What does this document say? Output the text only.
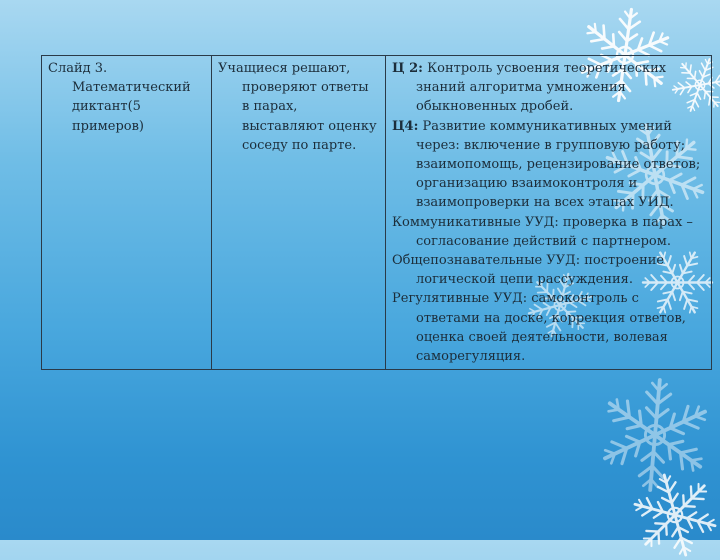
Слайд 3. Математический диктант(5 примеров)

Учащиеся решают, проверяют ответы в парах, выставляют оценку соседу по парте.

Ц 2: Контроль усвоения теоретических знаний алгоритма умножения обыкновенных дробей.
Ц4: Развитие коммуникативных умений через: включение в групповую работу; взаимопомощь, рецензирование ответов; организацию взаимоконтроля и взаимопроверки на всех этапах УИД.
Коммуникативные УУД: проверка в парах – согласование действий с партнером.
Общепознавательные УУД: построение логической цепи рассуждения.
Регулятивные УУД: самоконтроль с ответами на доске, коррекция ответов, оценка своей деятельности, волевая саморегуляция.
